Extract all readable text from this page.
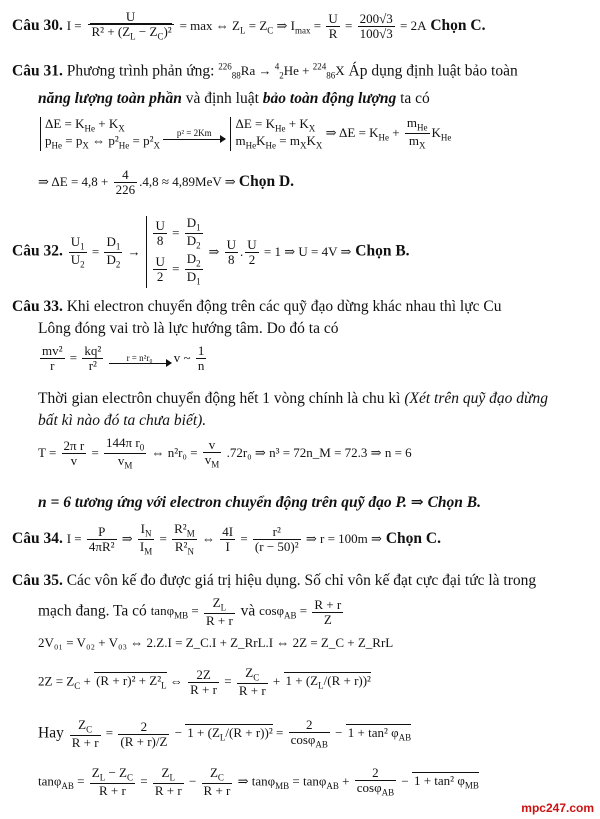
Câu 30. $I = \frac{U}{R^2 + (Z_L - Z_C)^2} = \max$ ⇔ $Z_L = Z_C$ ⇒ $I_{max} = \frac{U}{R} = \frac{200√3}{100√3} = 2A$ Chọn C.
Câu 31. Phương trình phản ứng: $^{226}_{88}$Ra → $^4_2$He + $^{224}_{86}$X Áp dụng định luật bảo toàn
năng lượng toàn phần và định luật bảo toàn động lượng ta có
$\Delta E = K_{He} + K_X$
$p_{He} = p_X$ ⇔ $p^2_{He} = p^2_X$
p² = 2Km

$\Delta E = K_{He} + K_X$
$m_{He}K_{He} = m_XK_X$
⇒ $\Delta E = K_{He} + \frac{m_{He}}{m_X} K_{He}$
⇒ $\Delta E = 4,8 + \frac{4}{226} .4,8 \approx 4,89MeV$ ⇒ Chọn D.
Câu 32. $\frac{U_1}{U_2} = \frac{D_1}{D_2}$ →
$\frac{U}{8} = \frac{D_1}{D_2}$
$\frac{U}{2} = \frac{D_2}{D_1}$
⇒ $\frac{U}{8}$ . $\frac{U}{2} = 1$ ⇒ U = 4V ⇒ Chọn B.
Câu 33. Khi electron chuyển động trên các quỹ đạo dừng khác nhau thì lực Cu
Lông đóng vai trò là lực hướng tâm. Do đó ta có
$\frac{\text{mv²}}{r} = \frac{\text{kq²}}{\text{r²}}$	r = n²r₀
v ~ $\frac{1}{n}$
Thời gian electrôn chuyển động hết 1 vòng chính là chu kì (Xét trên quỹ đạo dừng
bất kì nào đó ta chưa biết).
$T = \frac{\text{2π r}}{v} = \frac{144\pi r_0}{v_M}$ ⇔ $n^2r_0 = \frac{v}{v_M} .72r_0$ ⇒ n³ = 72n_M = 72.3 ⇒ n = 6
n = 6 tương ứng với electron chuyển động trên quỹ đạo P. ⇒ Chọn B.
Câu 34. $I = \frac{P}{\text{4πR²}}$ ⇒ $\frac{I_N}{I_M} = \frac{R^2_M}{R^2_N}$ ⇔ $\frac{4I}{I} = \frac{\text{r²}}{\text{(r − 50)²}}$ ⇒ r = 100m ⇒ Chọn C.
Câu 35. Các vôn kế đo được giá trị hiệu dụng. Số chỉ vôn kế đạt cực đại tức là trong
mạch đang. Ta có $\tan\varphi_{MB} = \frac{Z_L}{R + r}$ và $\cos\varphi_{AB} = \frac{R + r}{Z}$
2V₀₁ = V₀₂ + V₀₃ ⇔ 2.Z.I = Z_C.I + Z_RrL.I ⇔ 2Z = Z_C + Z_RrL
$2Z = Z_C + (R + r)^2 + Z^2_L$ ⇔ $\frac{2Z}{R + r} = \frac{Z_C}{R + r} + 1 + (Z_L/(R + r))^2$
Hay $\frac{Z_C}{R + r} = \frac{2}{(R + r)/Z} - 1 + (Z_L/(R + r))^2 = \frac{2}{\cos\varphi_{AB}} - 1 + \tan^2$ $\varphi_{AB}$
$\tan\varphi_{AB} = \frac{Z_L - Z_C}{R + r} = \frac{Z_L}{R + r} - \frac{Z_C}{R + r}$ ⇒ $\tan\varphi_{MB} = \tan\varphi_{AB} + \frac{2}{\cos\varphi_{AB}} - 1 + \tan^2$ $\varphi_{MB}$
mpc247.com
